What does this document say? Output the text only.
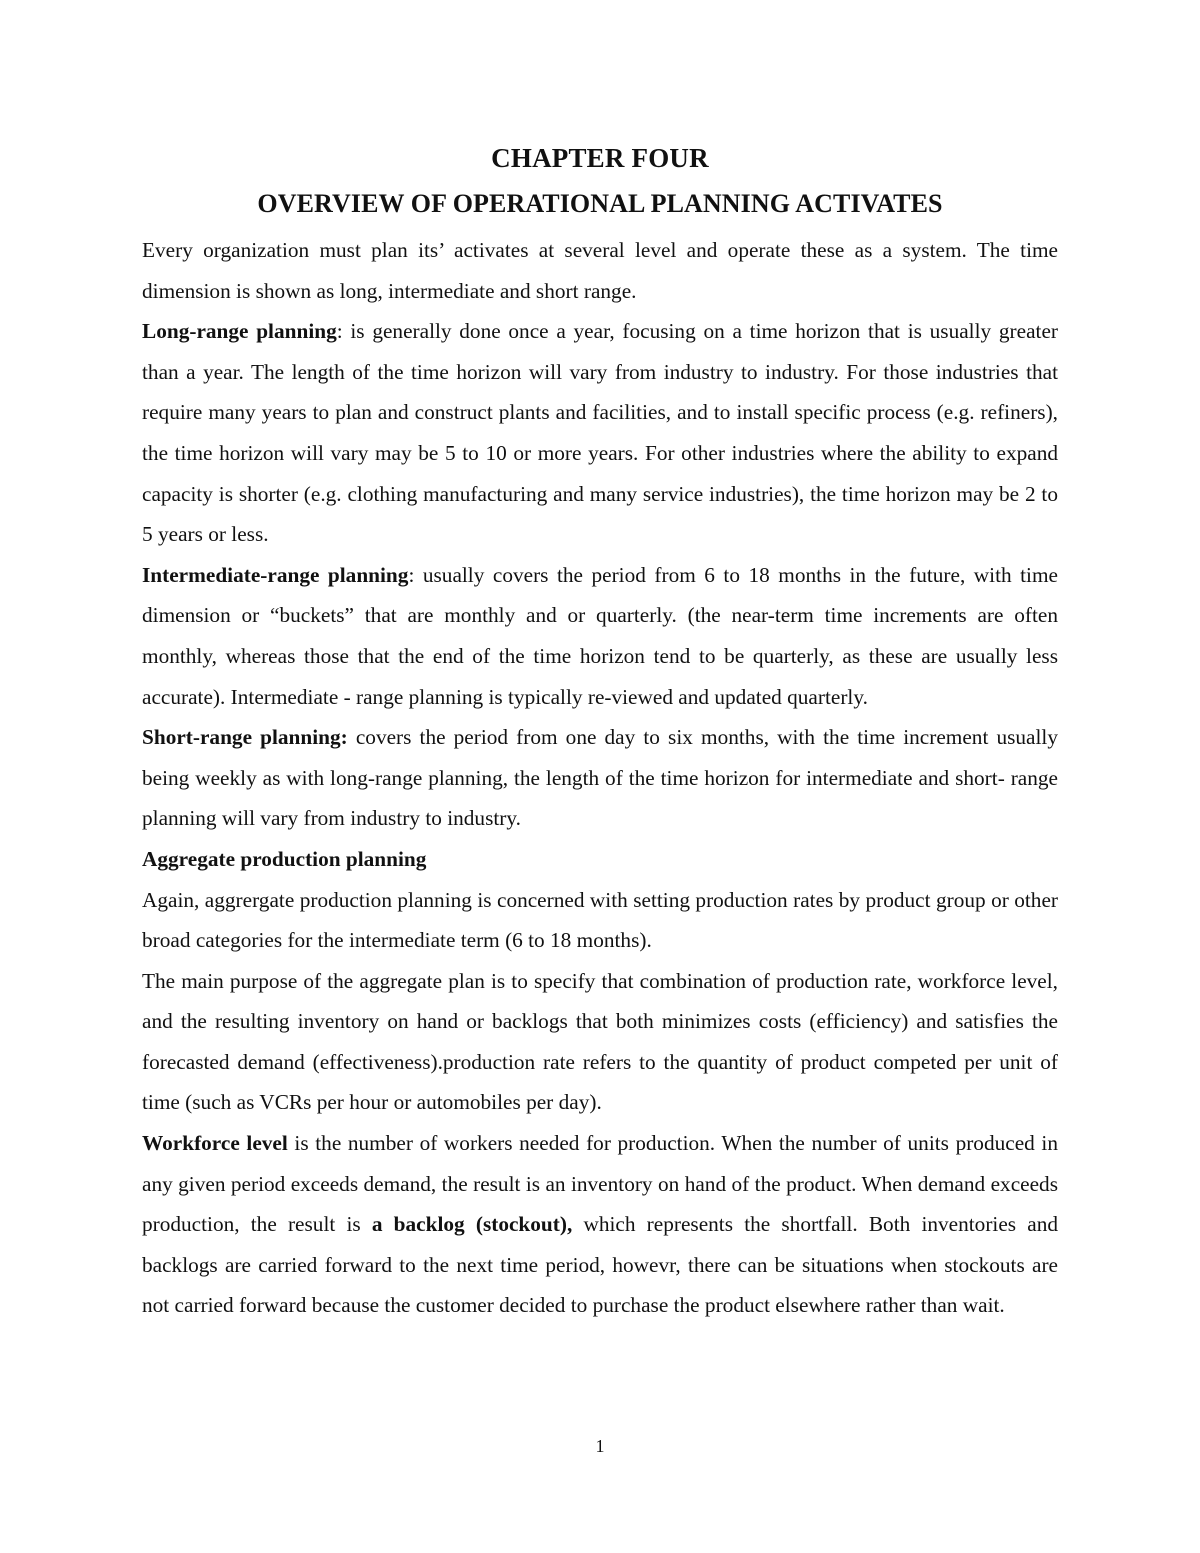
CHAPTER FOUR
OVERVIEW OF OPERATIONAL PLANNING ACTIVATES

Every organization must plan its’ activates at several level and operate these as a system. The time dimension is shown as long, intermediate and short range.

Long-range planning: is generally done once a year, focusing on a time horizon that is usually greater than a year. The length of the time horizon will vary from industry to industry. For those industries that require many years to plan and construct plants and facilities, and to install specific process (e.g. refiners), the time horizon will vary may be 5 to 10 or more years. For other industries where the ability to expand capacity is shorter (e.g. clothing manufacturing and many service industries), the time horizon may be 2 to 5 years or less.

Intermediate-range planning: usually covers the period from 6 to 18 months in the future, with time dimension or “buckets” that are monthly and or quarterly. (the near-term time increments are often monthly, whereas those that the end of the time horizon tend to be quarterly, as these are usually less accurate). Intermediate - range planning is typically re-viewed and updated quarterly.

Short-range planning: covers the period from one day to six months, with the time increment usually being weekly as with long-range planning, the length of the time horizon for intermediate and short- range planning will vary from industry to industry.

Aggregate production planning

Again, aggrergate production planning is concerned with setting production rates by product group or other broad categories for the intermediate term (6 to 18 months).

The main purpose of the aggregate plan is to specify that combination of production rate, workforce level, and the resulting inventory on hand or backlogs that both minimizes costs (efficiency) and satisfies the forecasted demand (effectiveness).production rate refers to the quantity of product competed per unit of time (such as VCRs per hour or automobiles per day).

Workforce level is the number of workers needed for production. When the number of units produced in any given period exceeds demand, the result is an inventory on hand of the product. When demand exceeds production, the result is a backlog (stockout), which represents the shortfall. Both inventories and backlogs are carried forward to the next time period, howevr, there can be situations when stockouts are not carried forward because the customer decided to purchase the product elsewhere rather than wait.

1
